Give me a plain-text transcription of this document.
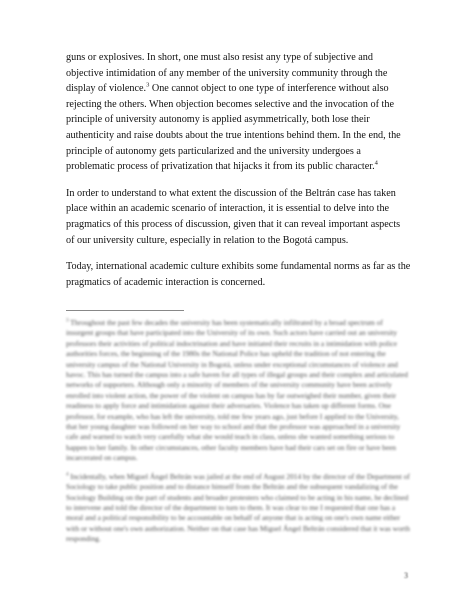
guns or explosives. In short, one must also resist any type of subjective and objective intimidation of any member of the university community through the display of violence.$^3$ One cannot object to one type of interference without also rejecting the others. When objection becomes selective and the invocation of the principle of university autonomy is applied asymmetrically, both lose their authenticity and raise doubts about the true intentions behind them. In the end, the principle of autonomy gets particularized and the university undergoes a problematic process of privatization that hijacks it from its public character.$^4$

In order to understand to what extent the discussion of the Beltrán case has taken place within an academic scenario of interaction, it is essential to delve into the pragmatics of this process of discussion, given that it can reveal important aspects of our university culture, especially in relation to the Bogotá campus.

Today, international academic culture exhibits some fundamental norms as far as the pragmatics of academic interaction is concerned.

$^3$ Throughout the past few decades the university has been systematically infiltrated by a broad spectrum of insurgent groups that have participated into the University of its own. Such actors have carried out an university professors their activities of political indoctrination and have initiated their recruits in a intimidation with police authorities forces, the beginning of the 1980s the National Police has upheld the tradition of not entering the university campus of the National University in Bogotá, unless under exceptional circumstances of violence and havoc. This has turned the campus into a safe haven for all types of illegal groups and their complex and articulated networks of supporters. Although only a minority of members of the university community have been actively enrolled into violent action, the power of the violent on campus has by far outweighed their number, given their readiness to apply force and intimidation against their adversaries. Violence has taken up different forms. One professor, for example, who has left the university, told me few years ago, just before I applied to the University, that her young daughter was followed on her way to school and that the professor was approached in a university cafe and warned to watch very carefully what she would teach in class, unless she wanted something serious to happen to her family. In other circumstances, other faculty members have had their cars set on fire or have been incarcerated on campus.

$^4$ Incidentally, when Miguel Ángel Beltrán was jailed at the end of August 2014 by the director of the Department of Sociology to take public position and to distance himself from the Beltrán and the subsequent vandalizing of the Sociology Building on the part of students and broader protesters who claimed to be acting in his name, he declined to intervene and told the director of the department to turn to them. It was clear to me I requested that one has a moral and a political responsibility to be accountable on behalf of anyone that is acting on one's own name either with or without one's own authorization. Neither on that case has Miguel Ángel Beltrán considered that it was worth responding.

3
